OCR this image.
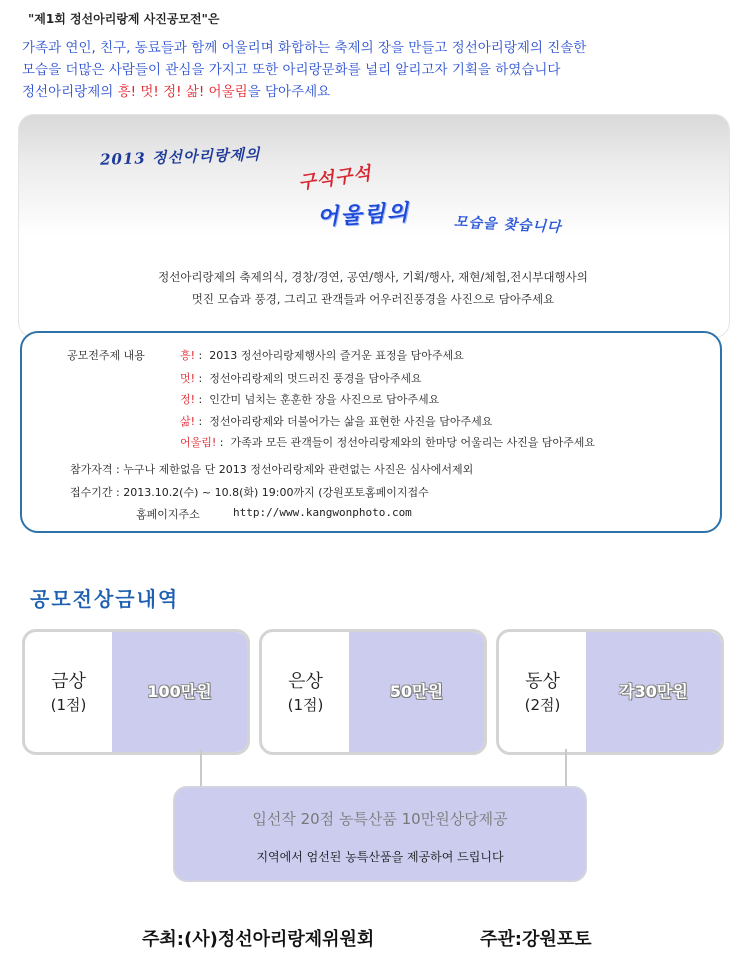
"제1회 정선아리랑제 사진공모전"은
가족과 연인, 친구, 동료들과 함께 어울리며 화합하는 축제의 장을 만들고 정선아리랑제의 진솔한
모습을 더많은 사람들이 관심을 가지고 또한 아리랑문화를 널리 알리고자 기획을 하였습니다
정선아리랑제의 흥! 멋! 정! 삶! 어울림을 담아주세요
2013 정선아리랑제의
구석구석
어울림의	모습을 찾습니다
정선아리랑제의 축제의식, 경창/경연, 공연/행사, 기획/행사, 재현/체험,전시부대행사의
멋진 모습과 풍경, 그리고 관객들과 어우러진풍경을 사진으로 담아주세요
공모전주제 내용	흥! :  2013 정선아리랑제행사의 즐거운 표정을 담아주세요
멋! :  정선아리랑제의 멋드러진 풍경을 담아주세요
정! :  인간미 넘치는 훈훈한 장을 사진으로 담아주세요
삶! :  정선아리랑제와 더불어가는 삶을 표현한 사진을 담아주세요
어울림! :  가족과 모든 관객들이 정선아리랑제와의 한마당 어울리는 사진을 담아주세요
참가자격 : 누구나 제한없음 단 2013 정선아리랑제와 관련없는 사진은 심사에서제외
접수기간 : 2013.10.2(수) ~ 10.8(화) 19:00까지 (강원포토홈페이지접수
홈페이지주소	http://www.kangwonphoto.com
공모전상금내역
금상
(1점)
100만원	은상
(1점)
50만원	동상
(2점)
각30만원
입선작 20점 농특산품 10만원상당제공
지역에서 엄선된 농특산품을 제공하여 드립니다
주최:(사)정선아리랑제위원회	주관:강원포토
